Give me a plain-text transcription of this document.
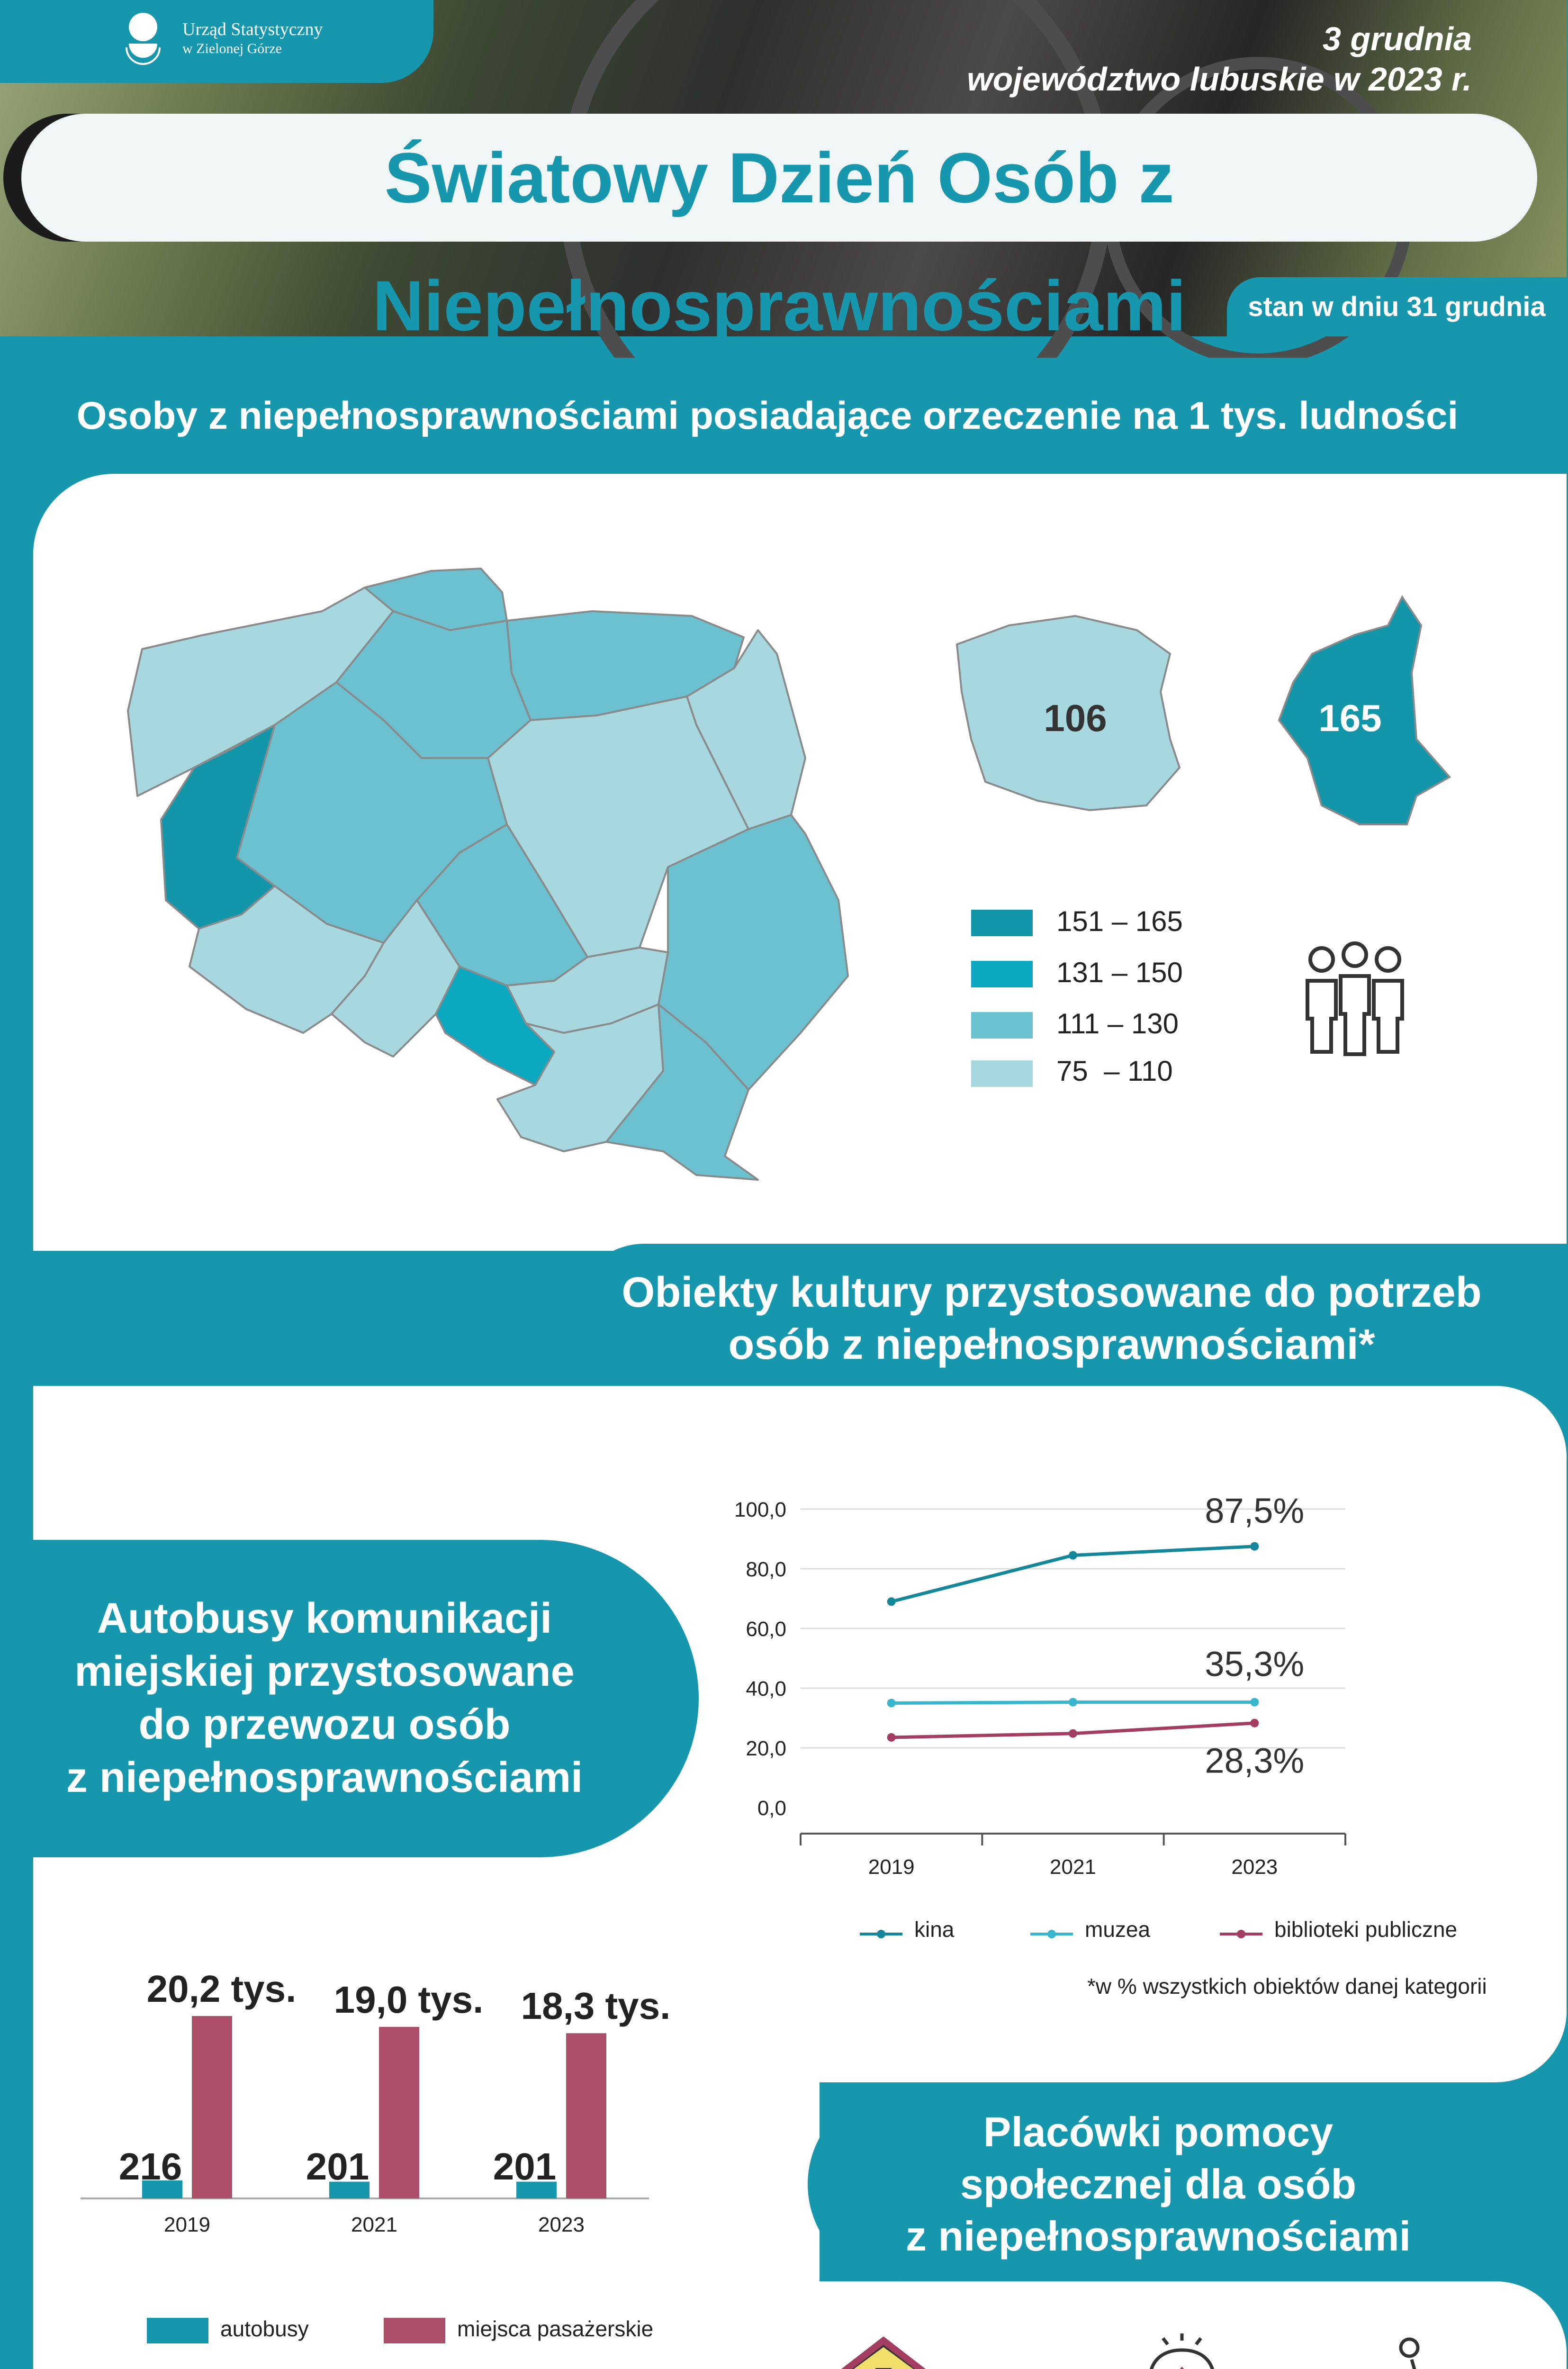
Urząd Statystyczny
w Zielonej Górze	3 grudnia
województwo lubuskie w 2023 r.
Światowy Dzień Osób z Niepełnosprawnościami	stan w dniu 31 grudnia
Osoby z niepełnosprawnościami posiadające orzeczenie na 1 tys. ludności
106	165
151 – 165
131 – 150
111 – 130
75  – 110
Obiekty kultury przystosowane do potrzeb
osób z niepełnosprawnościami*
0,0
20,0
40,0
60,0
80,0
100,0
2019	2021	2023
87,5%
35,3%
28,3%
kina	muzea	biblioteki publiczne
*w % wszystkich obiektów danej kategorii
Autobusy komunikacji
miejskiej przystosowane
do przewozu osób
z niepełnosprawnościami
216
20,2 tys.
2019
201
19,0 tys.
2021
201
18,3 tys.
2023
autobusy	miejsca pasażerskie
Placówki pomocy
społecznej dla osób
z niepełnosprawnościami
